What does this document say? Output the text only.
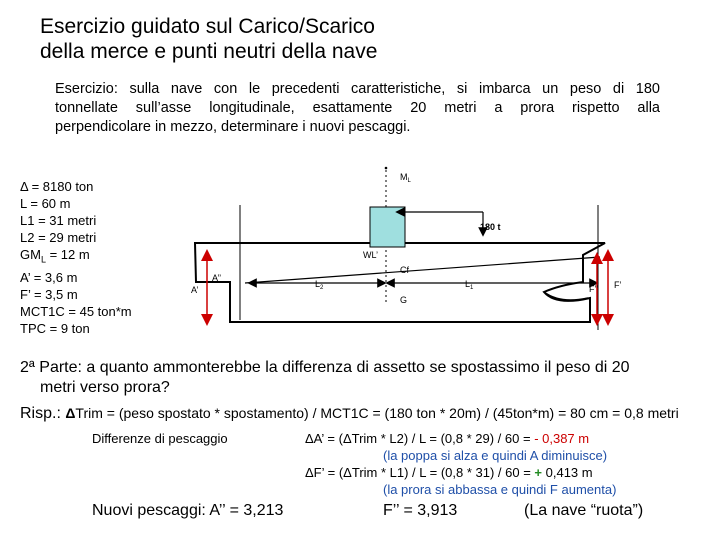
Esercizio guidato sul Carico/Scarico
della merce e punti neutri della nave
Esercizio: sulla nave con le precedenti caratteristiche, si imbarca un peso di 180
tonnellate sull’asse longitudinale, esattamente 20 metri a prora rispetto alla
perpendicolare in mezzo, determinare i nuovi pescaggi.
Δ = 8180 ton
L = 60 m
L1 = 31 metri
L2 = 29 metri
$GM_L = 12$ m
A’ = 3,6 m
F’ = 3,5 m
MCT1C = 45 ton*m
TPC = 9 ton
$M_L$
180 t
WL’
Cf
$L_2$	$L_1$
G
A’
A’’
F’’ F’
2ª Parte: a quanto ammonterebbe la differenza di assetto se spostassimo il peso di 20
metri verso prora?
Risp.: ΔTrim = (peso spostato * spostamento) / MCT1C = (180 ton * 20m) / (45ton*m) = 80 cm = 0,8 metri
Differenze di pescaggio	ΔA’ = (ΔTrim * L2) / L = (0,8 * 29) / 60 = - 0,387 m
(la poppa si alza e quindi A diminuisce)
ΔF’ = (ΔTrim * L1) / L = (0,8 * 31) / 60 = + 0,413 m
(la prora si abbassa e quindi F aumenta)
Nuovi pescaggi: A’’ = 3,213	F’’ = 3,913	(La nave “ruota”)
